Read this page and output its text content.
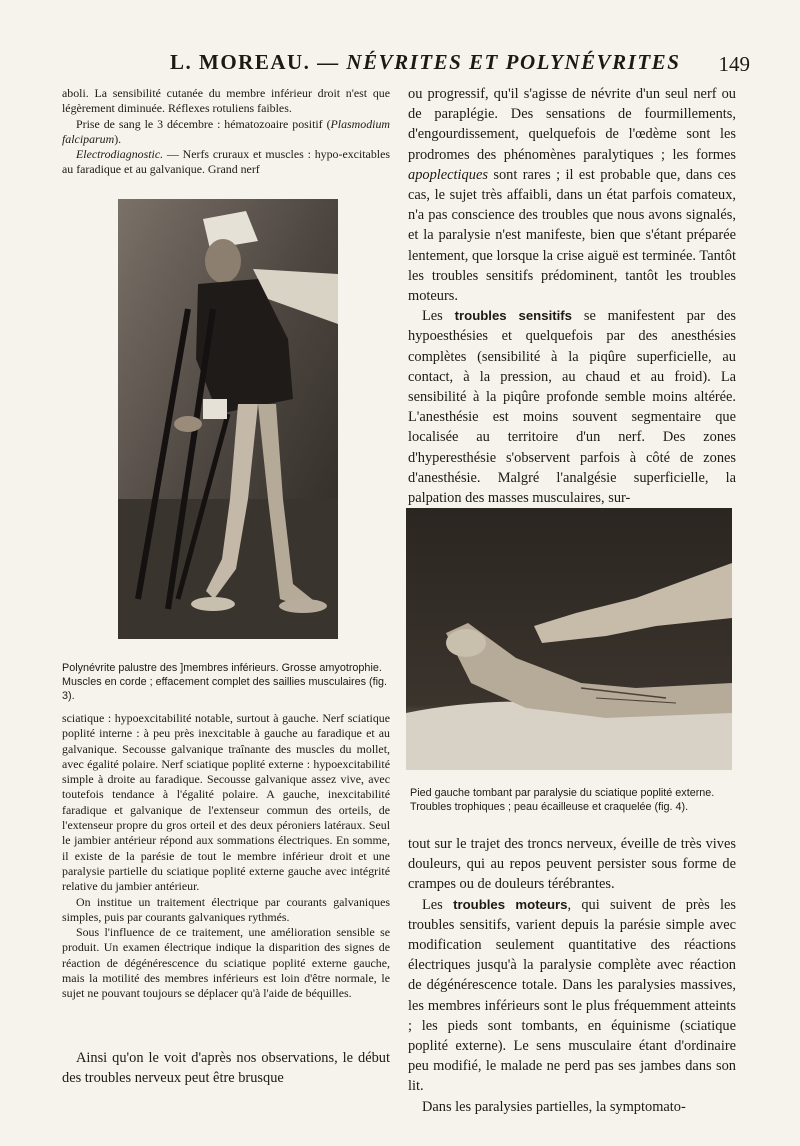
L. MOREAU. — NÉVRITES ET POLYNÉVRITES 149

aboli. La sensibilité cutanée du membre inférieur droit n'est que légèrement diminuée. Réflexes rotuliens faibles.

Prise de sang le 3 décembre : hématozoaire positif (Plasmodium falciparum).

Electrodiagnostic. — Nerfs cruraux et muscles : hypo-excitables au faradique et au galvanique. Grand nerf

Polynévrite palustre des ]membres inférieurs. Grosse amyotrophie. Muscles en corde ; effacement complet des saillies musculaires (fig. 3).

sciatique : hypoexcitabilité notable, surtout à gauche. Nerf sciatique poplité interne : à peu près inexcitable à gauche au faradique et au galvanique. Secousse galvanique traînante des muscles du mollet, avec égalité polaire. Nerf sciatique poplité externe : hypoexcitabilité simple à droite au faradique. Secousse galvanique assez vive, avec toutefois tendance à l'égalité polaire. A gauche, inexcitabilité faradique et galvanique de l'extenseur commun des orteils, de l'extenseur propre du gros orteil et des deux péroniers latéraux. Seul le jambier antérieur répond aux sommations électriques. En somme, il existe de la parésie de tout le membre inférieur droit et une paralysie partielle du sciatique poplité externe gauche avec intégrité relative du jambier antérieur.

On institue un traitement électrique par courants galvaniques simples, puis par courants galvaniques rythmés.

Sous l'influence de ce traitement, une amélioration sensible se produit. Un examen électrique indique la disparition des signes de réaction de dégénérescence du sciatique poplité externe gauche, mais la motilité des membres inférieurs est loin d'être normale, le sujet ne pouvant toujours se déplacer qu'à l'aide de béquilles.

Ainsi qu'on le voit d'après nos observations, le début des troubles nerveux peut être brusque

ou progressif, qu'il s'agisse de névrite d'un seul nerf ou de paraplégie. Des sensations de fourmillements, d'engourdissement, quelquefois de l'œdème sont les prodromes des phénomènes paralytiques ; les formes apoplectiques sont rares ; il est probable que, dans ces cas, le sujet très affaibli, dans un état parfois comateux, n'a pas conscience des troubles que nous avons signalés, et la paralysie n'est manifeste, bien que s'étant préparée lentement, que lorsque la crise aiguë est terminée. Tantôt les troubles sensitifs prédominent, tantôt les troubles moteurs.

Les troubles sensitifs se manifestent par des hypoesthésies et quelquefois par des anesthésies complètes (sensibilité à la piqûre superficielle, au contact, à la pression, au chaud et au froid). La sensibilité à la piqûre profonde semble moins altérée. L'anesthésie est moins souvent segmentaire que localisée au territoire d'un nerf. Des zones d'hyperesthésie s'observent parfois à côté de zones d'anesthésie. Malgré l'analgésie superficielle, la palpation des masses musculaires, sur-

Pied gauche tombant par paralysie du sciatique poplité externe. Troubles trophiques ; peau écailleuse et craquelée (fig. 4).

tout sur le trajet des troncs nerveux, éveille de très vives douleurs, qui au repos peuvent persister sous forme de crampes ou de douleurs térébrantes.

Les troubles moteurs, qui suivent de près les troubles sensitifs, varient depuis la parésie simple avec modification seulement quantitative des réactions électriques jusqu'à la paralysie complète avec réaction de dégénérescence totale. Dans les paralysies massives, les membres inférieurs sont le plus fréquemment atteints ; les pieds sont tombants, en équinisme (sciatique poplité externe). Le sens musculaire étant d'ordinaire peu modifié, le malade ne perd pas ses jambes dans son lit.

Dans les paralysies partielles, la symptomato-
